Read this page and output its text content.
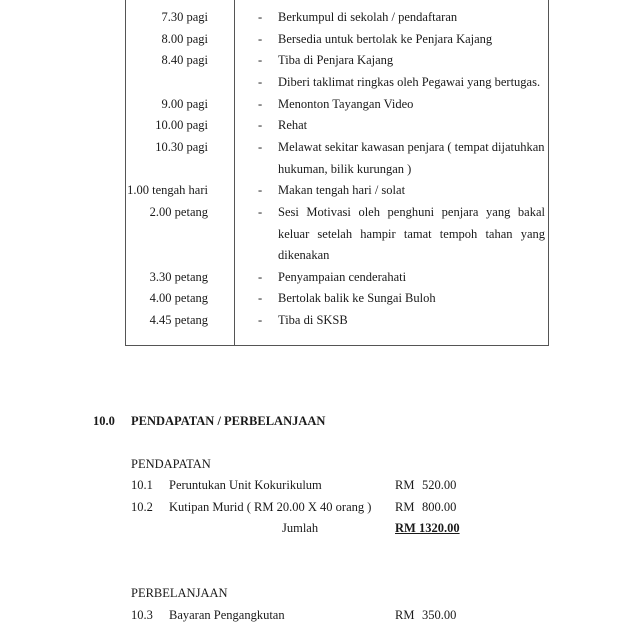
7.30 pagi	- Berkumpul di sekolah / pendaftaran
8.00 pagi	- Bersedia untuk bertolak ke Penjara Kajang
8.40 pagi	- Tiba di Penjara Kajang
- Diberi taklimat ringkas oleh Pegawai yang bertugas.
9.00 pagi	- Menonton Tayangan Video
10.00 pagi	- Rehat
10.30 pagi	- Melawat sekitar kawasan penjara ( tempat dijatuhkan
hukuman, bilik kurungan )
1.00 tengah hari	- Makan tengah hari / solat
2.00 petang	- Sesi Motivasi oleh penghuni penjara yang bakal
keluar setelah hampir tamat tempoh tahan yang
dikenakan
3.30 petang	- Penyampaian cenderahati
4.00 petang	- Bertolak balik ke Sungai Buloh
4.45 petang	- Tiba di SKSB
10.0 PENDAPATAN / PERBELANJAAN
PENDAPATAN
10.1 Peruntukan Unit Kokurikulum	RM 520.00
10.2 Kutipan Murid ( RM 20.00 X 40 orang ) RM 800.00
Jumlah	RM 1320.00
PERBELANJAAN
10.3 Bayaran Pengangkutan	RM 350.00
